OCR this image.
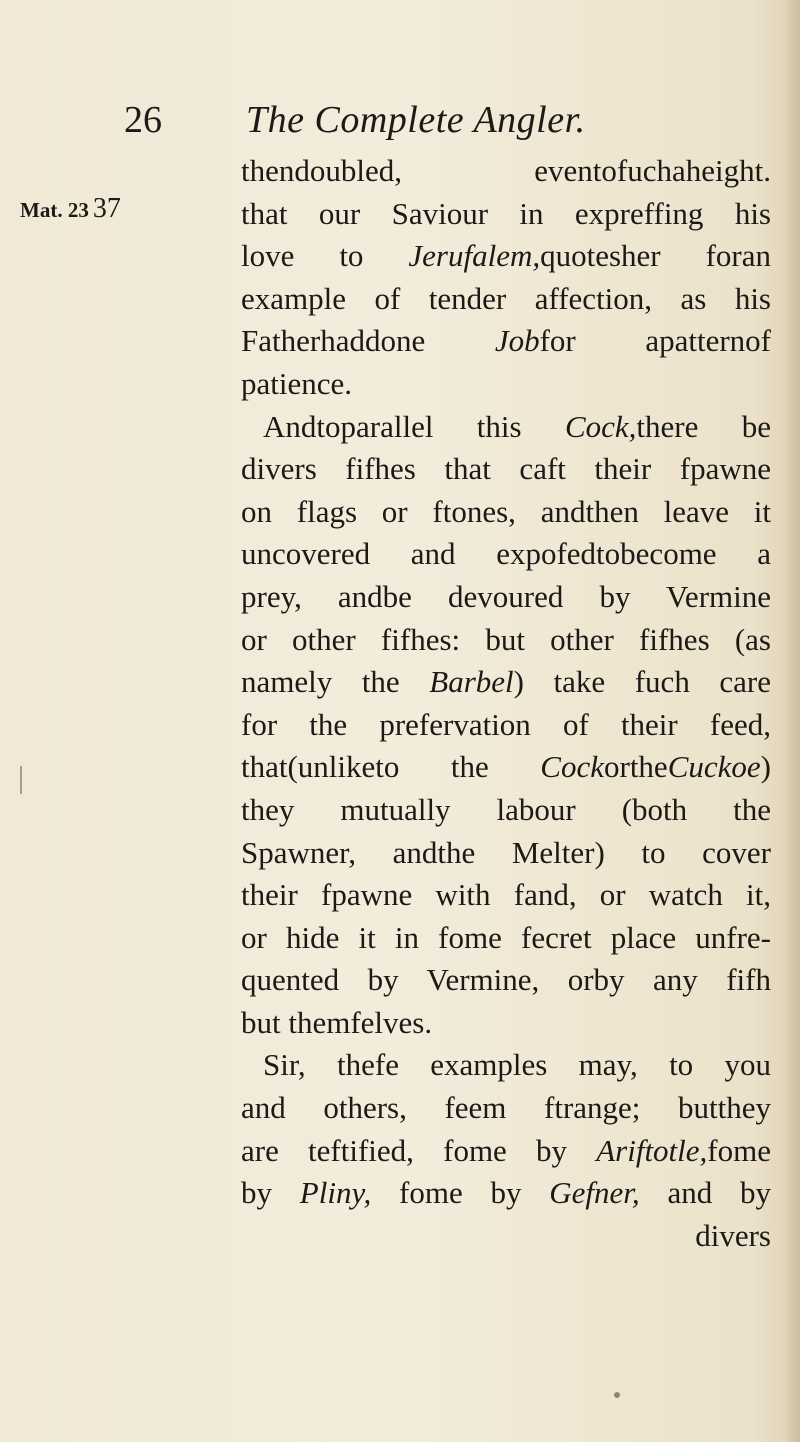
26 The Complete Angler.
Mat. 23 37
thendoubled, eventofuchaheight.
that our Saviour in expreffing his
love to Jerufalem,quotesher foran
example of tender affection, as his
Fatherhaddone Jobfor apatternof
patience.
Andtoparallel this Cock,there be
divers fifhes that caft their fpawne
on flags or ftones, andthen leave it
uncovered and expofedtobecome a
prey, andbe devoured by Vermine
or other fifhes: but other fifhes (as
namely the Barbel) take fuch care
for the prefervation of their feed,
that(unliketo the CockortheCuckoe)
they mutually labour (both the
Spawner, andthe Melter) to cover
their fpawne with fand, or watch it,
or hide it in fome fecret place unfre-
quented by Vermine, orby any fifh
but themfelves.
Sir, thefe examples may, to you
and others, feem ftrange; butthey
are teftified, fome by Ariftotle,fome
by Pliny, fome by Gefner, and by
divers
